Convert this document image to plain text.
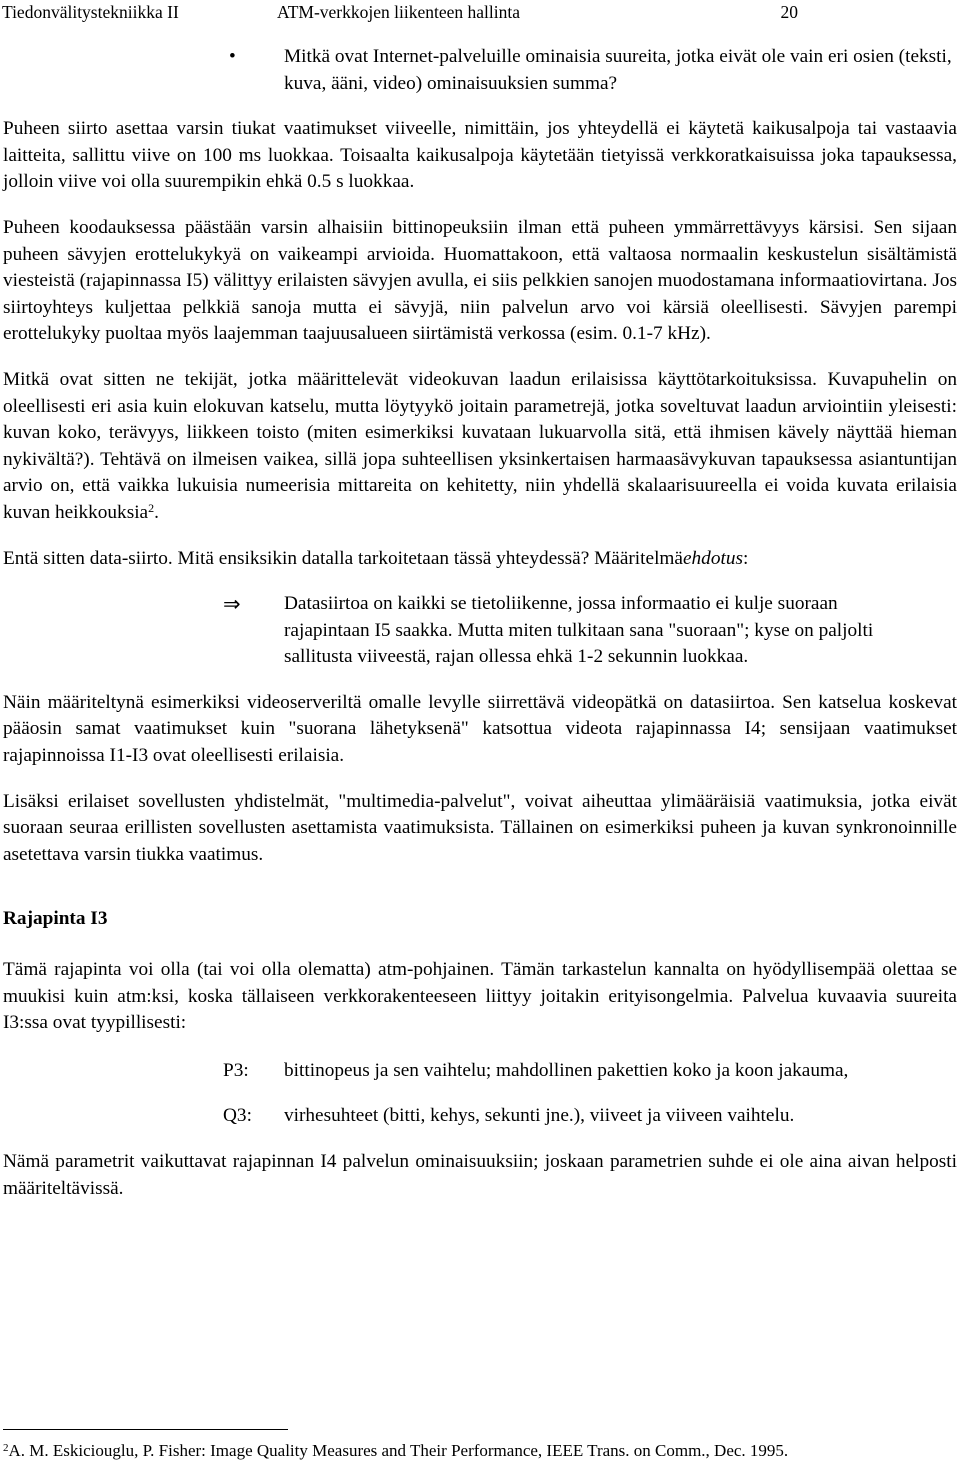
Tiedonvälitystekniikka II	ATM-verkkojen liikenteen hallinta	20
• Mitkä ovat Internet-palveluille ominaisia suureita, jotka eivät ole vain eri osien (teksti, kuva, ääni, video) ominaisuuksien summa?

Puheen siirto asettaa varsin tiukat vaatimukset viiveelle, nimittäin, jos yhteydellä ei käytetä kaikusalpoja tai vastaavia laitteita, sallittu viive on 100 ms luokkaa. Toisaalta kaikusalpoja käytetään tietyissä verkkoratkaisuissa joka tapauksessa, jolloin viive voi olla suurempikin ehkä 0.5 s luokkaa.

Puheen koodauksessa päästään varsin alhaisiin bittinopeuksiin ilman että puheen ymmärrettävyys kärsisi. Sen sijaan puheen sävyjen erottelukykyä on vaikeampi arvioida. Huomattakoon, että valtaosa normaalin keskustelun sisältämistä viesteistä (rajapinnassa I5) välittyy erilaisten sävyjen avulla, ei siis pelkkien sanojen muodostamana informaatiovirtana. Jos siirtoyhteys kuljettaa pelkkiä sanoja mutta ei sävyjä, niin palvelun arvo voi kärsiä oleellisesti. Sävyjen parempi erottelukyky puoltaa myös laajemman taajuusalueen siirtämistä verkossa (esim. 0.1-7 kHz).

Mitkä ovat sitten ne tekijät, jotka määrittelevät videokuvan laadun erilaisissa käyttötarkoituksissa. Kuvapuhelin on oleellisesti eri asia kuin elokuvan katselu, mutta löytyykö joitain parametrejä, jotka soveltuvat laadun arviointiin yleisesti: kuvan koko, terävyys, liikkeen toisto (miten esimerkiksi kuvataan lukuarvolla sitä, että ihmisen kävely näyttää hieman nykivältä?). Tehtävä on ilmeisen vaikea, sillä jopa suhteellisen yksinkertaisen harmaasävykuvan tapauksessa asiantuntijan arvio on, että vaikka lukuisia numeerisia mittareita on kehitetty, niin yhdellä skalaarisuureella ei voida kuvata erilaisia kuvan heikkouksia$^2$.

Entä sitten data-siirto. Mitä ensiksikin datalla tarkoitetaan tässä yhteydessä? Määritelmäehdotus:

⇒ Datasiirtoa on kaikki se tietoliikenne, jossa informaatio ei kulje suoraan rajapintaan I5 saakka. Mutta miten tulkitaan sana "suoraan"; kyse on paljolti sallitusta viiveestä, rajan ollessa ehkä 1-2 sekunnin luokkaa.

Näin määriteltynä esimerkiksi videoserveriltä omalle levylle siirrettävä videopätkä on datasiirtoa. Sen katselua koskevat pääosin samat vaatimukset kuin "suorana lähetyksenä" katsottua videota rajapinnassa I4; sensijaan vaatimukset rajapinnoissa I1-I3 ovat oleellisesti erilaisia.

Lisäksi erilaiset sovellusten yhdistelmät, "multimedia-palvelut", voivat aiheuttaa ylimääräisiä vaatimuksia, jotka eivät suoraan seuraa erillisten sovellusten asettamista vaatimuksista. Tällainen on esimerkiksi puheen ja kuvan synkronoinnille asetettava varsin tiukka vaatimus.

Rajapinta I3

Tämä rajapinta voi olla (tai voi olla olematta) atm-pohjainen. Tämän tarkastelun kannalta on hyödyllisempää olettaa se muukisi kuin atm:ksi, koska tällaiseen verkkorakenteeseen liittyy joitakin erityisongelmia. Palvelua kuvaavia suureita I3:ssa ovat tyypillisesti:

P3: bittinopeus ja sen vaihtelu; mahdollinen pakettien koko ja koon jakauma,

Q3: virhesuhteet (bitti, kehys, sekunti jne.), viiveet ja viiveen vaihtelu.

Nämä parametrit vaikuttavat rajapinnan I4 palvelun ominaisuuksiin; joskaan parametrien suhde ei ole aina aivan helposti määriteltävissä.

$^2$A. M. Eskiciouglu, P. Fisher: Image Quality Measures and Their Performance, IEEE Trans. on Comm., Dec. 1995.
